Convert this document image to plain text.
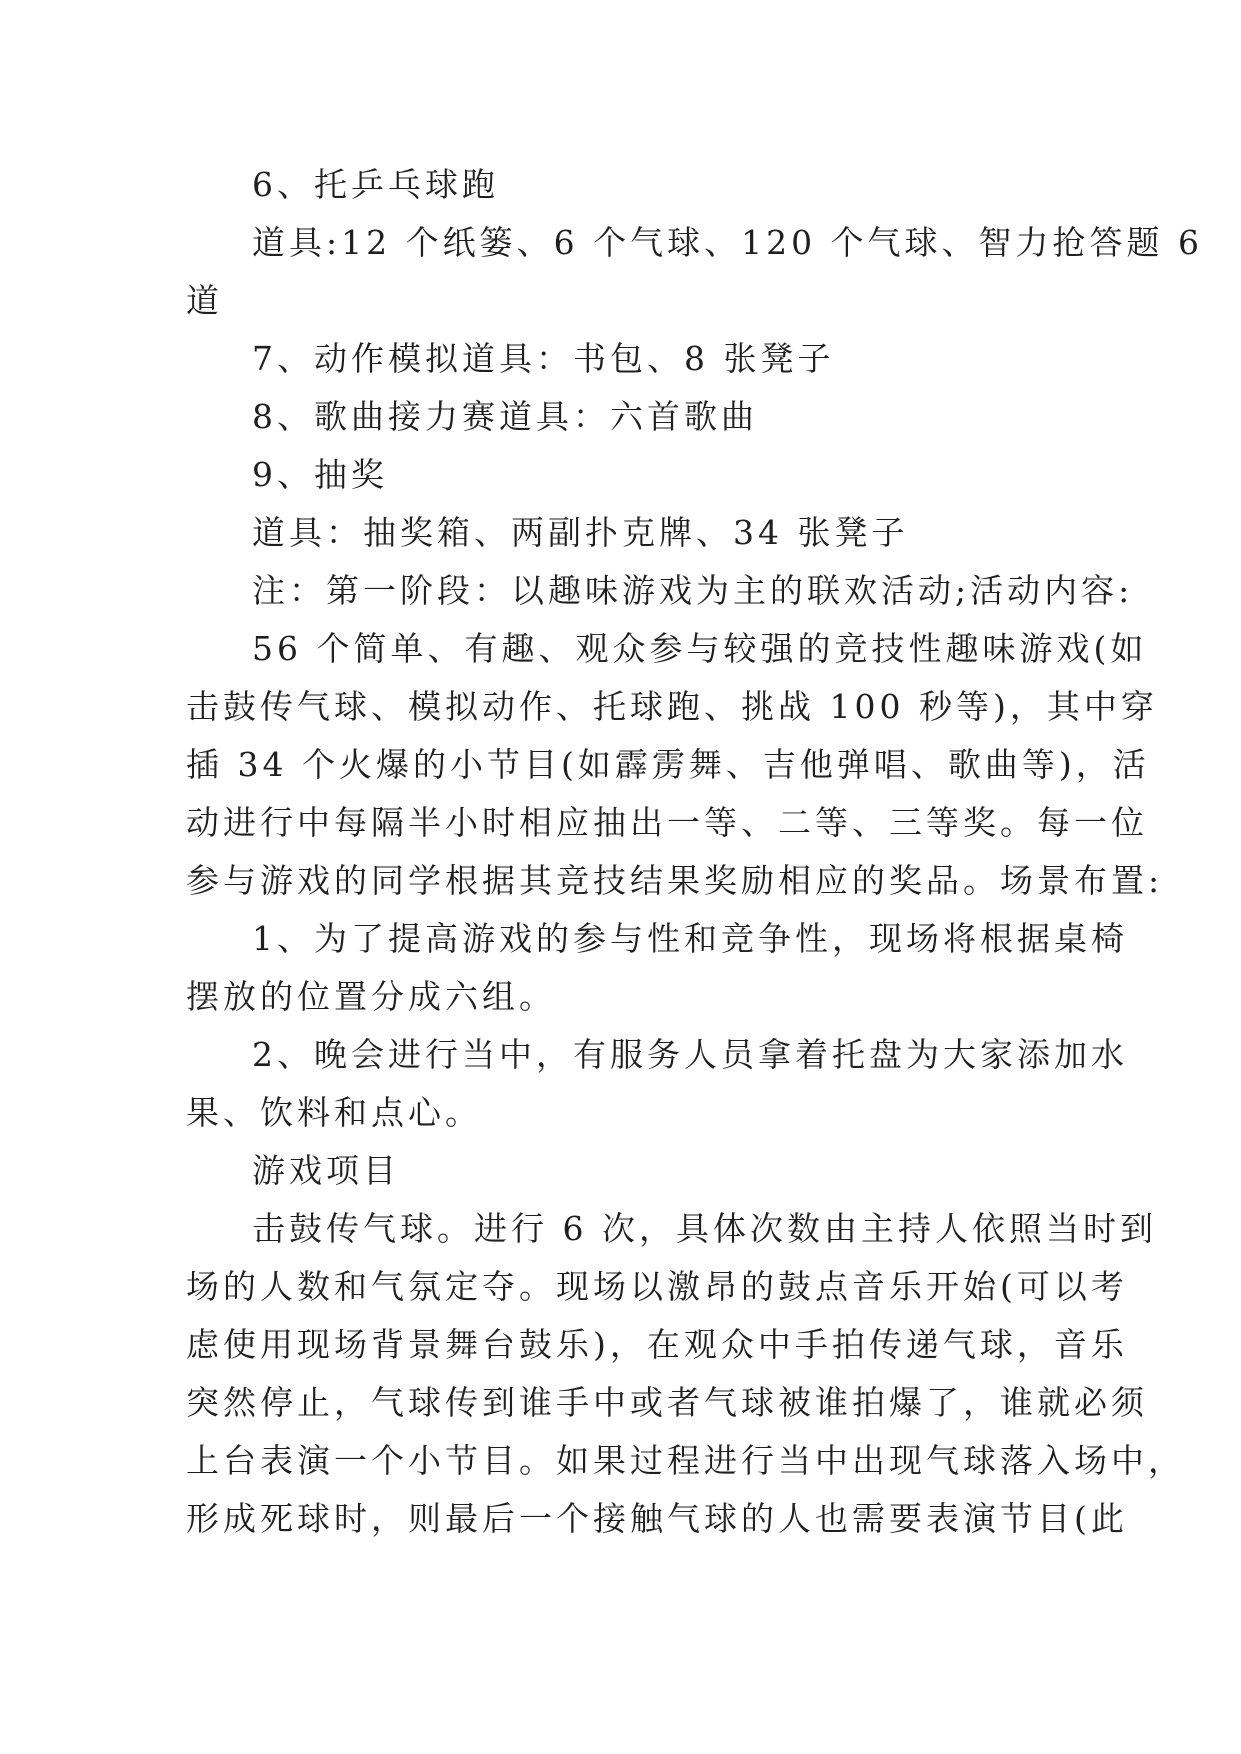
6、托乒乓球跑
道具:12 个纸篓、6 个气球、120 个气球、智力抢答题 6
道
7、动作模拟道具：书包、8 张凳子
8、歌曲接力赛道具：六首歌曲
9、抽奖
道具：抽奖箱、两副扑克牌、34 张凳子
注：第一阶段：以趣味游戏为主的联欢活动;活动内容:
56 个简单、有趣、观众参与较强的竞技性趣味游戏(如
击鼓传气球、模拟动作、托球跑、挑战 100 秒等)，其中穿
插 34 个火爆的小节目(如霹雳舞、吉他弹唱、歌曲等)，活
动进行中每隔半小时相应抽出一等、二等、三等奖。每一位
参与游戏的同学根据其竞技结果奖励相应的奖品。场景布置:
1、为了提高游戏的参与性和竞争性，现场将根据桌椅
摆放的位置分成六组。
2、晚会进行当中，有服务人员拿着托盘为大家添加水
果、饮料和点心。
游戏项目
击鼓传气球。进行 6 次，具体次数由主持人依照当时到
场的人数和气氛定夺。现场以激昂的鼓点音乐开始(可以考
虑使用现场背景舞台鼓乐)，在观众中手拍传递气球，音乐
突然停止，气球传到谁手中或者气球被谁拍爆了，谁就必须
上台表演一个小节目。如果过程进行当中出现气球落入场中，
形成死球时，则最后一个接触气球的人也需要表演节目(此
